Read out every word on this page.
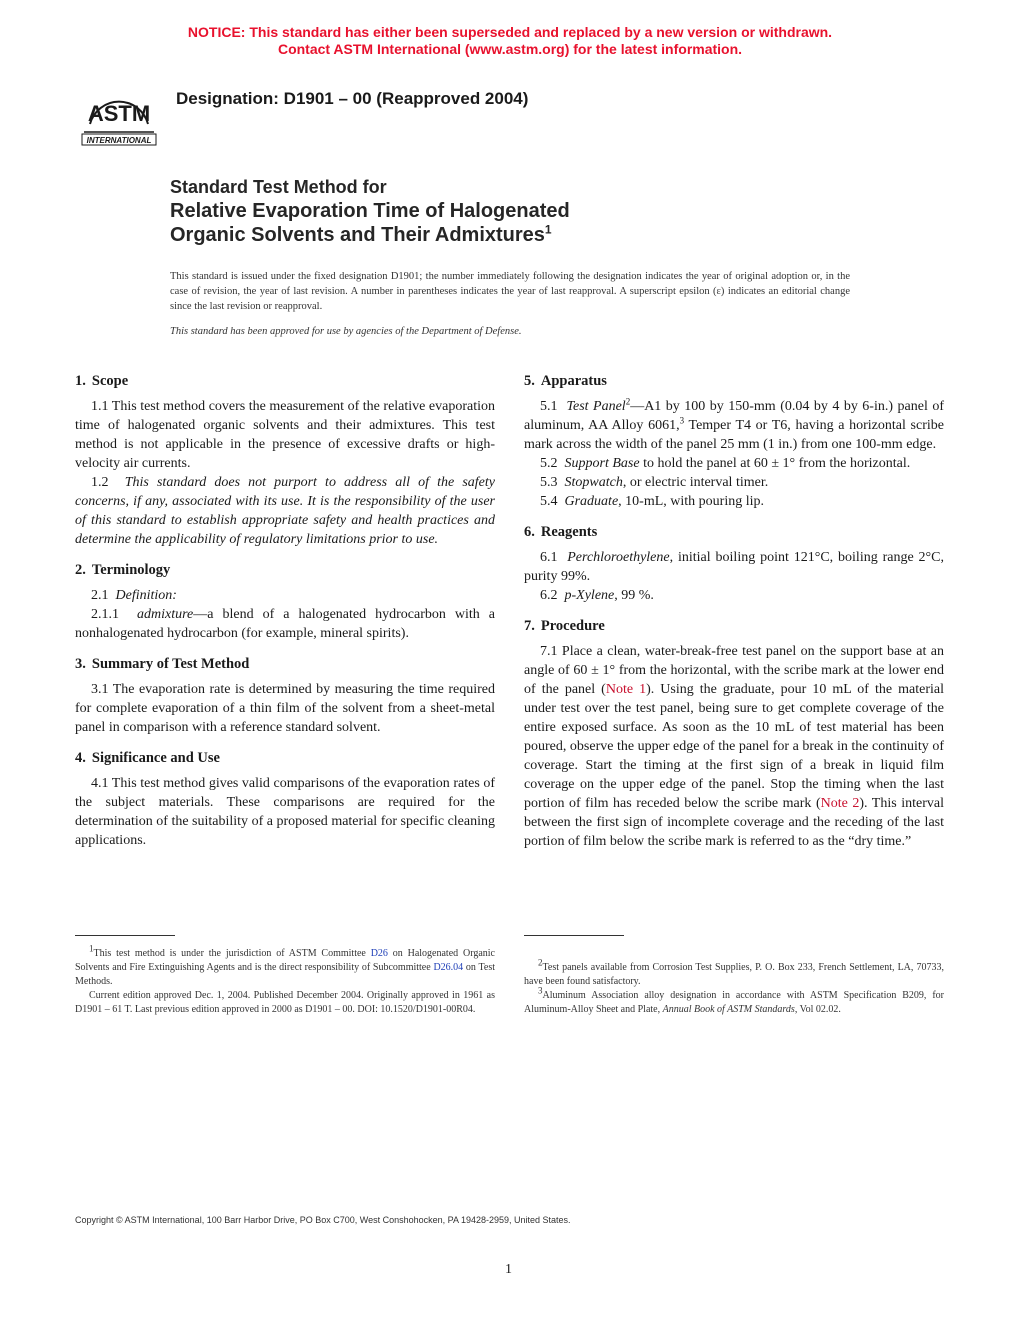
NOTICE: This standard has either been superseded and replaced by a new version or withdrawn.
Contact ASTM International (www.astm.org) for the latest information.
ASTM
INTERNATIONAL
Designation: D1901 – 00 (Reapproved 2004)
Standard Test Method for
Relative Evaporation Time of Halogenated
Organic Solvents and Their Admixtures$^1$
This standard is issued under the fixed designation D1901; the number immediately following the designation indicates the year of original adoption or, in the case of revision, the year of last revision. A number in parentheses indicates the year of last reapproval. A superscript epsilon (ε) indicates an editorial change since the last revision or reapproval.
This standard has been approved for use by agencies of the Department of Defense.
1. Scope

1.1 This test method covers the measurement of the relative evaporation time of halogenated organic solvents and their admixtures. This test method is not applicable in the presence of excessive drafts or high-velocity air currents.

1.2 This standard does not purport to address all of the safety concerns, if any, associated with its use. It is the responsibility of the user of this standard to establish appropriate safety and health practices and determine the applicability of regulatory limitations prior to use.

2. Terminology

2.1 Definition:

2.1.1 admixture—a blend of a halogenated hydrocarbon with a nonhalogenated hydrocarbon (for example, mineral spirits).

3. Summary of Test Method

3.1 The evaporation rate is determined by measuring the time required for complete evaporation of a thin film of the solvent from a sheet-metal panel in comparison with a reference standard solvent.

4. Significance and Use

4.1 This test method gives valid comparisons of the evaporation rates of the subject materials. These comparisons are required for the determination of the suitability of a proposed material for specific cleaning applications.

5. Apparatus

5.1 Test Panel$^2$—A1 by 100 by 150-mm (0.04 by 4 by 6-in.) panel of aluminum, AA Alloy 6061,$^3$ Temper T4 or T6, having a horizontal scribe mark across the width of the panel 25 mm (1 in.) from one 100-mm edge.

5.2 Support Base to hold the panel at 60 ± 1° from the horizontal.

5.3 Stopwatch, or electric interval timer.

5.4 Graduate, 10-mL, with pouring lip.

6. Reagents

6.1 Perchloroethylene, initial boiling point 121°C, boiling range 2°C, purity 99%.

6.2 p-Xylene, 99 %.

7. Procedure

7.1 Place a clean, water-break-free test panel on the support base at an angle of 60 ± 1° from the horizontal, with the scribe mark at the lower end of the panel (Note 1). Using the graduate, pour 10 mL of the material under test over the test panel, being sure to get complete coverage of the entire exposed surface. As soon as the 10 mL of test material has been poured, observe the upper edge of the panel for a break in the continuity of coverage. Start the timing at the first sign of a break in liquid film coverage on the upper edge of the panel. Stop the timing when the last portion of film has receded below the scribe mark (Note 2). This interval between the first sign of incomplete coverage and the receding of the last portion of film below the scribe mark is referred to as the “dry time.”

$^1$This test method is under the jurisdiction of ASTM Committee D26 on Halogenated Organic Solvents and Fire Extinguishing Agents and is the direct responsibility of Subcommittee D26.04 on Test Methods.

Current edition approved Dec. 1, 2004. Published December 2004. Originally approved in 1961 as D1901 – 61 T. Last previous edition approved in 2000 as D1901 – 00. DOI: 10.1520/D1901-00R04.

$^2$Test panels available from Corrosion Test Supplies, P. O. Box 233, French Settlement, LA, 70733, have been found satisfactory.

$^3$Aluminum Association alloy designation in accordance with ASTM Specification B209, for Aluminum-Alloy Sheet and Plate, Annual Book of ASTM Standards, Vol 02.02.

Copyright © ASTM International, 100 Barr Harbor Drive, PO Box C700, West Conshohocken, PA 19428-2959, United States.
1
